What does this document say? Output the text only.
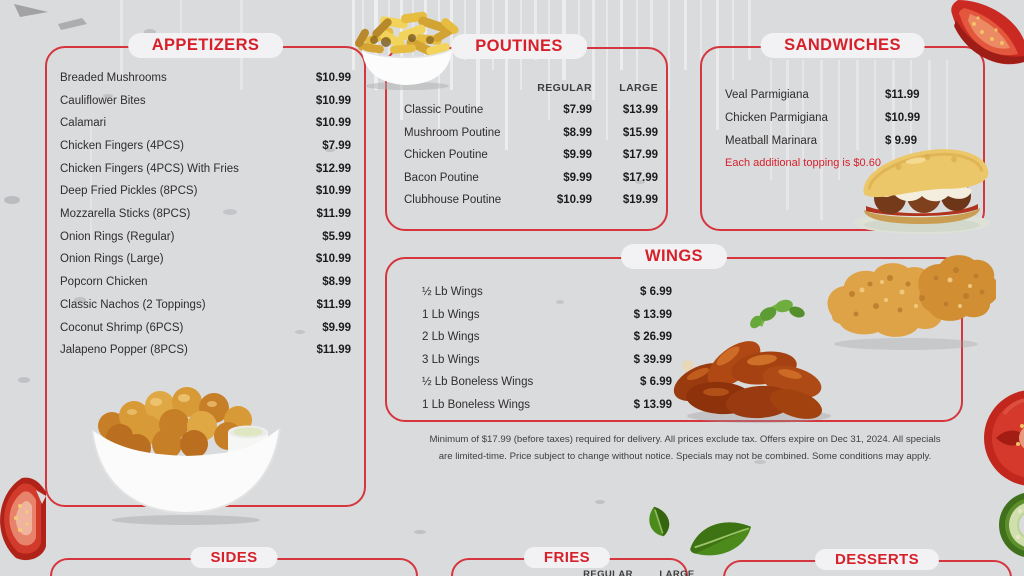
APPETIZERS
Breaded Mushrooms	$10.99
Cauliflower Bites	$10.99
Calamari	$10.99
Chicken Fingers (4PCS)	$7.99
Chicken Fingers (4PCS) With Fries	$12.99
Deep Fried Pickles (8PCS)	$10.99
Mozzarella Sticks (8PCS)	$11.99
Onion Rings (Regular)	$5.99
Onion Rings (Large)	$10.99
Popcorn Chicken	$8.99
Classic Nachos (2 Toppings)	$11.99
Coconut Shrimp (6PCS)	$9.99
Jalapeno Popper (8PCS)	$11.99
POUTINES
REGULAR	LARGE
Classic Poutine	$7.99	$13.99
Mushroom Poutine	$8.99	$15.99
Chicken Poutine	$9.99	$17.99
Bacon Poutine	$9.99	$17.99
Clubhouse Poutine	$10.99	$19.99
SANDWICHES
Veal Parmigiana	$11.99
Chicken Parmigiana	$10.99
Meatball Marinara	$ 9.99
Each additional topping is $0.60
WINGS
½ Lb Wings	$ 6.99
1 Lb Wings	$ 13.99
2 Lb Wings	$ 26.99
3 Lb Wings	$ 39.99
½ Lb Boneless Wings	$ 6.99
1 Lb Boneless Wings	$ 13.99
Minimum of $17.99 (before taxes) required for delivery. All prices exclude tax. Offers expire on Dec 31, 2024. All specials
are limited-time. Price subject to change without notice. Specials may not be combined. Some conditions may apply.
SIDES	FRIES
REGULAR	LARGE
DESSERTS
